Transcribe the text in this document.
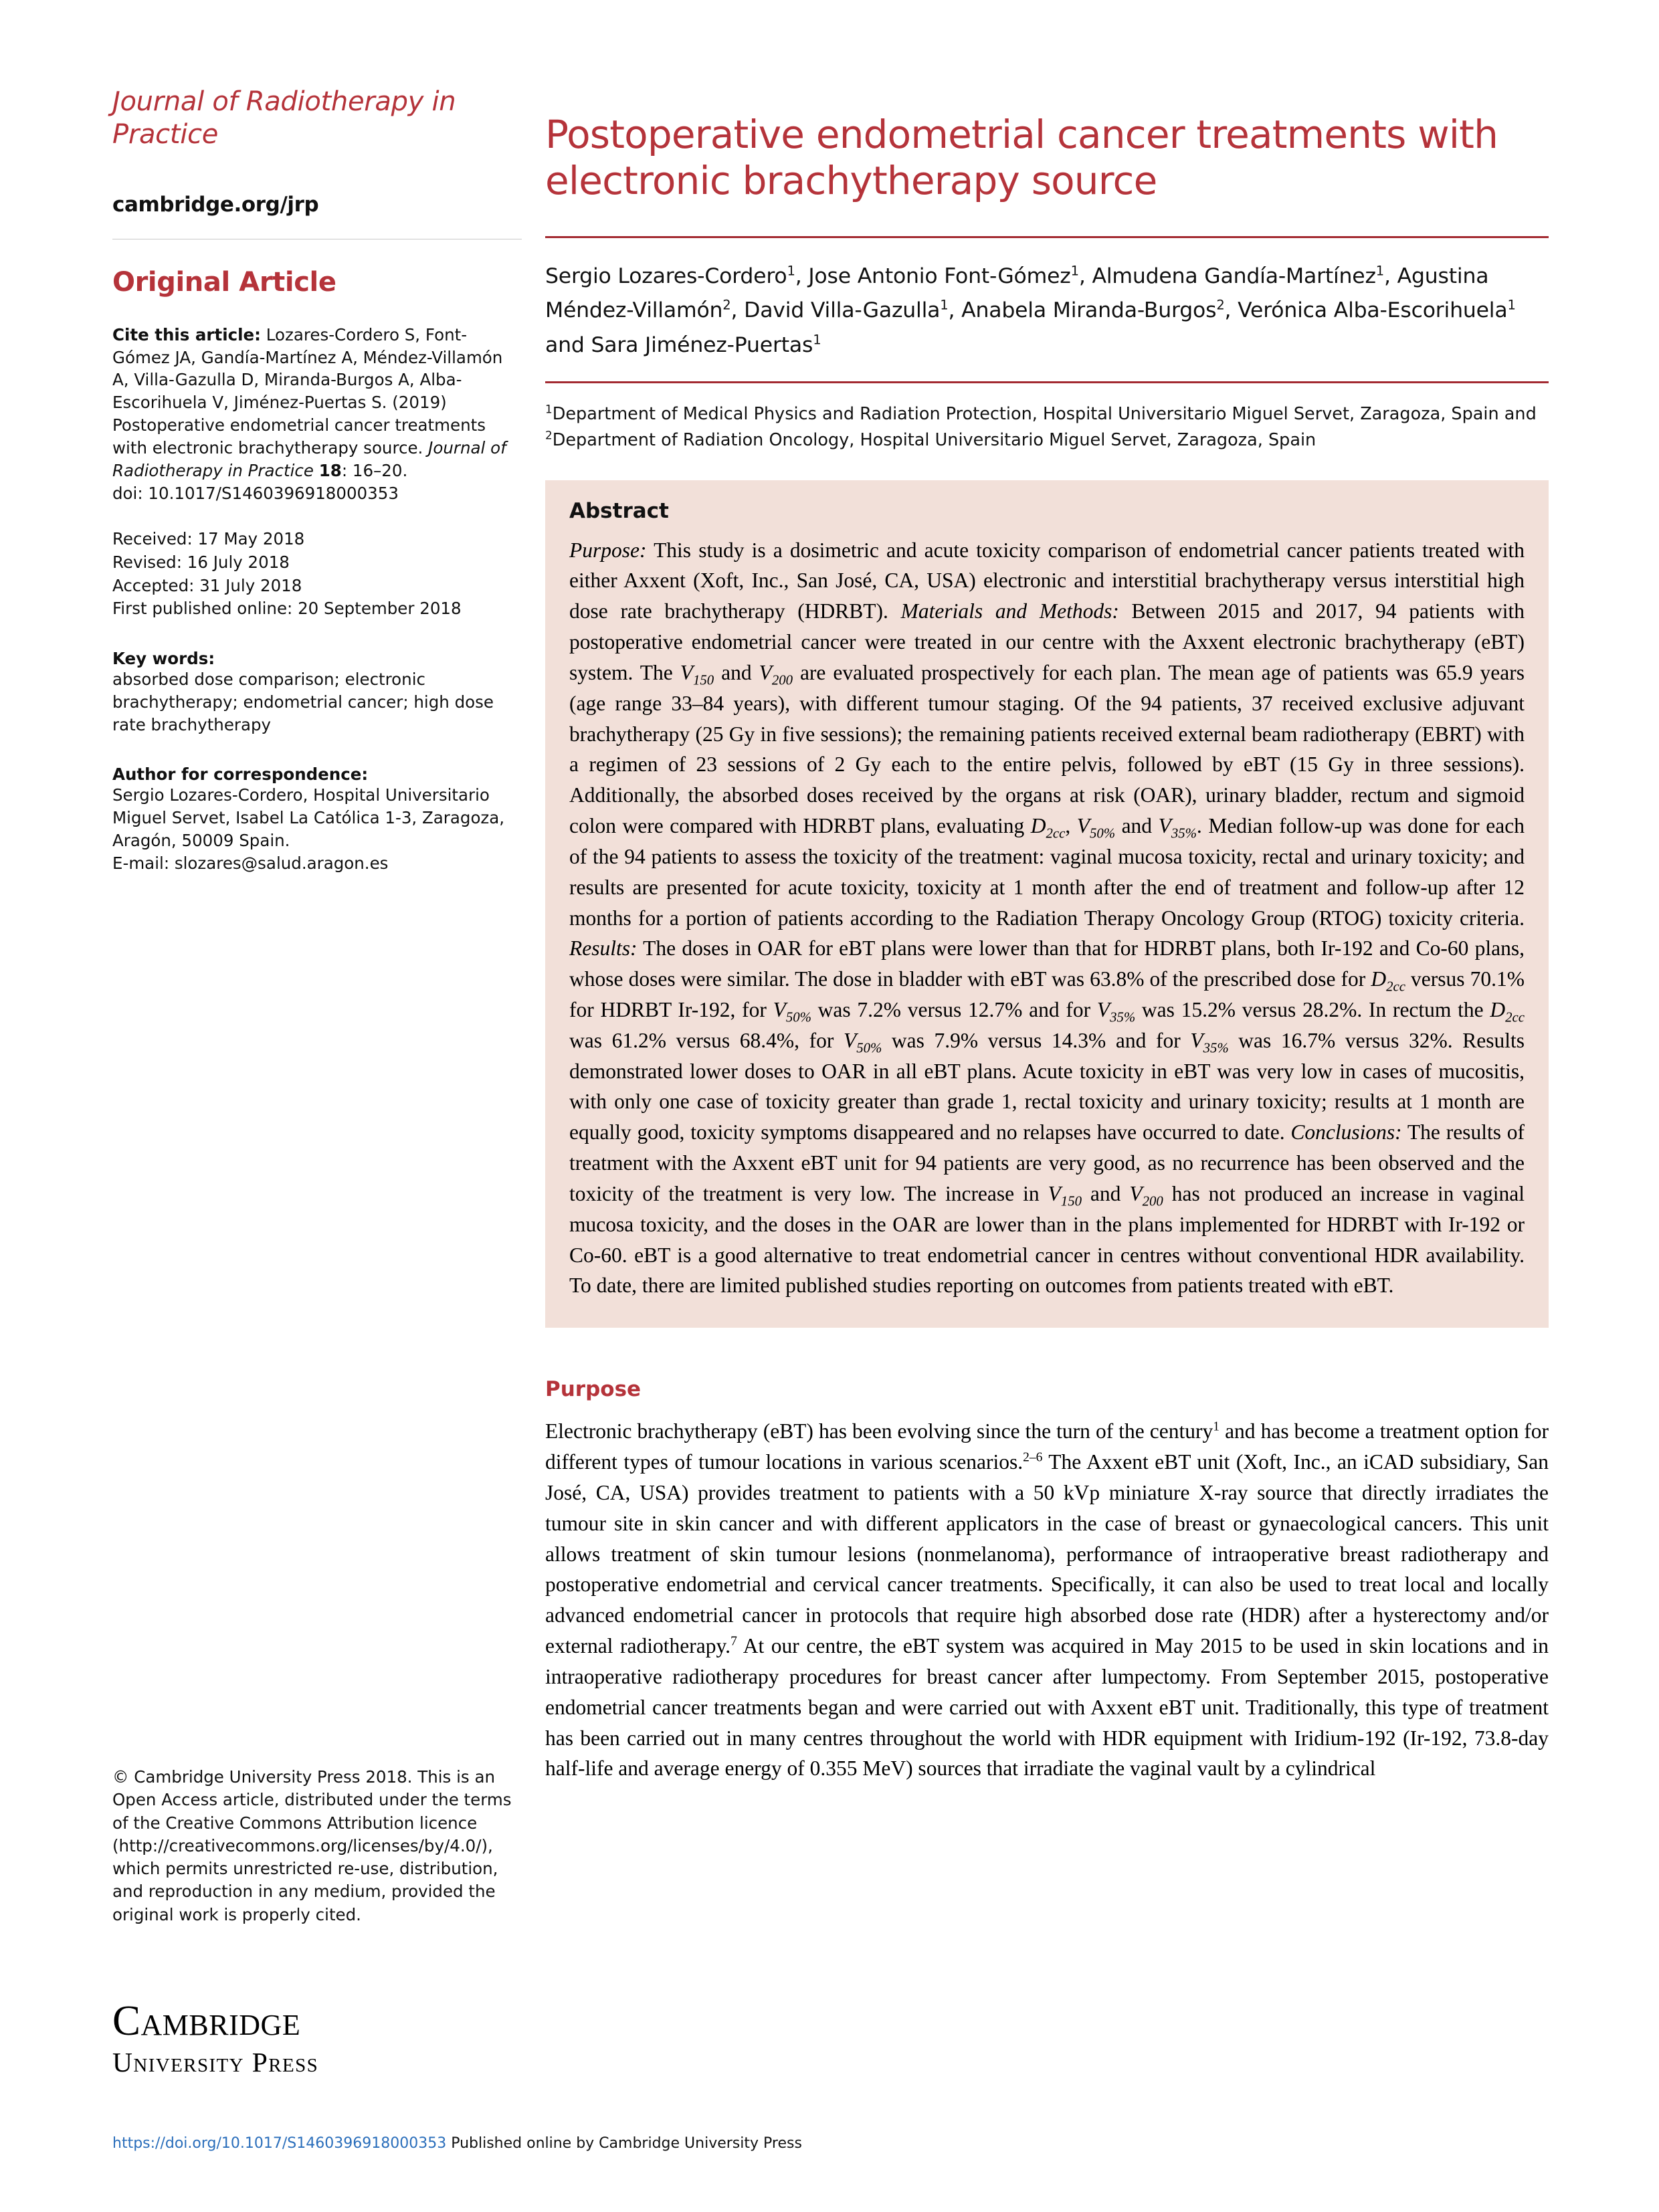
Journal of Radiotherapy in Practice
cambridge.org/jrp
Original Article
Cite this article: Lozares-Cordero S, Font-Gómez JA, Gandía-Martínez A, Méndez-Villamón A, Villa-Gazulla D, Miranda-Burgos A, Alba-Escorihuela V, Jiménez-Puertas S. (2019) Postoperative endometrial cancer treatments with electronic brachytherapy source. Journal of Radiotherapy in Practice 18: 16–20.
doi: 10.1017/S1460396918000353
Received: 17 May 2018
Revised: 16 July 2018
Accepted: 31 July 2018
First published online: 20 September 2018
Key words:
absorbed dose comparison; electronic brachytherapy; endometrial cancer; high dose rate brachytherapy
Author for correspondence:
Sergio Lozares-Cordero, Hospital Universitario Miguel Servet, Isabel La Católica 1-3, Zaragoza, Aragón, 50009 Spain.
E-mail: slozares@salud.aragon.es
© Cambridge University Press 2018. This is an Open Access article, distributed under the terms of the Creative Commons Attribution licence (http://creativecommons.org/licenses/by/4.0/), which permits unrestricted re-use, distribution, and reproduction in any medium, provided the original work is properly cited.
Cambridge
University Press
Postoperative endometrial cancer treatments with electronic brachytherapy source
Sergio Lozares-Cordero$^1$, Jose Antonio Font-Gómez$^1$, Almudena Gandía-Martínez$^1$, Agustina Méndez-Villamón$^2$, David Villa-Gazulla$^1$, Anabela Miranda-Burgos$^2$, Verónica Alba-Escorihuela$^1$ and Sara Jiménez-Puertas$^1$
$^1$Department of Medical Physics and Radiation Protection, Hospital Universitario Miguel Servet, Zaragoza, Spain and $^2$Department of Radiation Oncology, Hospital Universitario Miguel Servet, Zaragoza, Spain
Abstract
Purpose: This study is a dosimetric and acute toxicity comparison of endometrial cancer patients treated with either Axxent (Xoft, Inc., San José, CA, USA) electronic and interstitial brachytherapy versus interstitial high dose rate brachytherapy (HDRBT). Materials and Methods: Between 2015 and 2017, 94 patients with postoperative endometrial cancer were treated in our centre with the Axxent electronic brachytherapy (eBT) system. The $V_{150}$ and $V_{200}$ are evaluated prospectively for each plan. The mean age of patients was 65.9 years (age range 33–84 years), with different tumour staging. Of the 94 patients, 37 received exclusive adjuvant brachytherapy (25 Gy in five sessions); the remaining patients received external beam radiotherapy (EBRT) with a regimen of 23 sessions of 2 Gy each to the entire pelvis, followed by eBT (15 Gy in three sessions). Additionally, the absorbed doses received by the organs at risk (OAR), urinary bladder, rectum and sigmoid colon were compared with HDRBT plans, evaluating $D_{2cc}$, $V_{50\%}$ and $V_{35\%}$. Median follow-up was done for each of the 94 patients to assess the toxicity of the treatment: vaginal mucosa toxicity, rectal and urinary toxicity; and results are presented for acute toxicity, toxicity at 1 month after the end of treatment and follow-up after 12 months for a portion of patients according to the Radiation Therapy Oncology Group (RTOG) toxicity criteria. Results: The doses in OAR for eBT plans were lower than that for HDRBT plans, both Ir-192 and Co-60 plans, whose doses were similar. The dose in bladder with eBT was 63.8% of the prescribed dose for $D_{2cc}$ versus 70.1% for HDRBT Ir-192, for $V_{50\%}$ was 7.2% versus 12.7% and for $V_{35\%}$ was 15.2% versus 28.2%. In rectum the $D_{2cc}$ was 61.2% versus 68.4%, for $V_{50\%}$ was 7.9% versus 14.3% and for $V_{35\%}$ was 16.7% versus 32%. Results demonstrated lower doses to OAR in all eBT plans. Acute toxicity in eBT was very low in cases of mucositis, with only one case of toxicity greater than grade 1, rectal toxicity and urinary toxicity; results at 1 month are equally good, toxicity symptoms disappeared and no relapses have occurred to date. Conclusions: The results of treatment with the Axxent eBT unit for 94 patients are very good, as no recurrence has been observed and the toxicity of the treatment is very low. The increase in $V_{150}$ and $V_{200}$ has not produced an increase in vaginal mucosa toxicity, and the doses in the OAR are lower than in the plans implemented for HDRBT with Ir-192 or Co-60. eBT is a good alternative to treat endometrial cancer in centres without conventional HDR availability. To date, there are limited published studies reporting on outcomes from patients treated with eBT.
Purpose
Electronic brachytherapy (eBT) has been evolving since the turn of the century$^1$ and has become a treatment option for different types of tumour locations in various scenarios.$^{2-6}$ The Axxent eBT unit (Xoft, Inc., an iCAD subsidiary, San José, CA, USA) provides treatment to patients with a 50 kVp miniature X-ray source that directly irradiates the tumour site in skin cancer and with different applicators in the case of breast or gynaecological cancers. This unit allows treatment of skin tumour lesions (nonmelanoma), performance of intraoperative breast radiotherapy and postoperative endometrial and cervical cancer treatments. Specifically, it can also be used to treat local and locally advanced endometrial cancer in protocols that require high absorbed dose rate (HDR) after a hysterectomy and/or external radiotherapy.$^7$ At our centre, the eBT system was acquired in May 2015 to be used in skin locations and in intraoperative radiotherapy procedures for breast cancer after lumpectomy. From September 2015, postoperative endometrial cancer treatments began and were carried out with Axxent eBT unit. Traditionally, this type of treatment has been carried out in many centres throughout the world with HDR equipment with Iridium-192 (Ir-192, 73.8-day half-life and average energy of 0.355 MeV) sources that irradiate the vaginal vault by a cylindrical
https://doi.org/10.1017/S1460396918000353 Published online by Cambridge University Press
